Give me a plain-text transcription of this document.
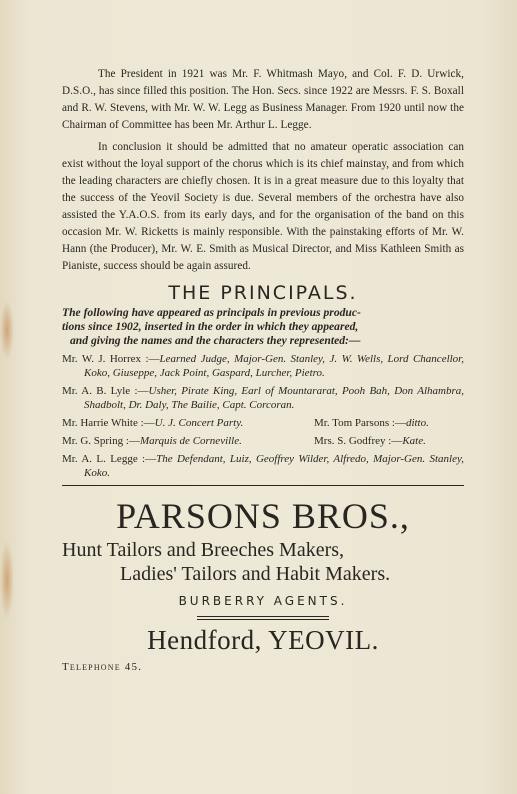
The President in 1921 was Mr. F. Whitmash Mayo, and Col. F. D. Urwick, D.S.O., has since filled this position. The Hon. Secs. since 1922 are Messrs. F. S. Boxall and R. W. Stevens, with Mr. W. W. Legg as Business Manager. From 1920 until now the Chairman of Committee has been Mr. Arthur L. Legge.

In conclusion it should be admitted that no amateur operatic association can exist without the loyal support of the chorus which is its chief mainstay, and from which the leading characters are chiefly chosen. It is in a great measure due to this loyalty that the success of the Yeovil Society is due. Several members of the orchestra have also assisted the Y.A.O.S. from its early days, and for the organisation of the band on this occasion Mr. W. Ricketts is mainly responsible. With the painstaking efforts of Mr. W. Hann (the Producer), Mr. W. E. Smith as Musical Director, and Miss Kathleen Smith as Pianiste, success should be again assured.

THE PRINCIPALS.
The following have appeared as principals in previous produc-
tions since 1902, inserted in the order in which they appeared,
and giving the names and the characters they represented:—
Mr. W. J. Horrex :—Learned Judge, Major-Gen. Stanley, J. W. Wells, Lord Chancellor, Koko, Giuseppe, Jack Point, Gaspard, Lurcher, Pietro.
Mr. A. B. Lyle :—Usher, Pirate King, Earl of Mountararat, Pooh Bah, Don Alhambra, Shadbolt, Dr. Daly, The Bailie, Capt. Corcoran.
Mr. Harrie White :—U. J. Concert Party.	Mr. Tom Parsons :—ditto.
Mr. G. Spring :—Marquis de Corneville.	Mrs. S. Godfrey :—Kate.
Mr. A. L. Legge :—The Defendant, Luiz, Geoffrey Wilder, Alfredo, Major-Gen. Stanley, Koko.
PARSONS BROS.,
Hunt Tailors and Breeches Makers,
Ladies' Tailors and Habit Makers.
BURBERRY AGENTS.
Hendford, YEOVIL.
Telephone 45.
